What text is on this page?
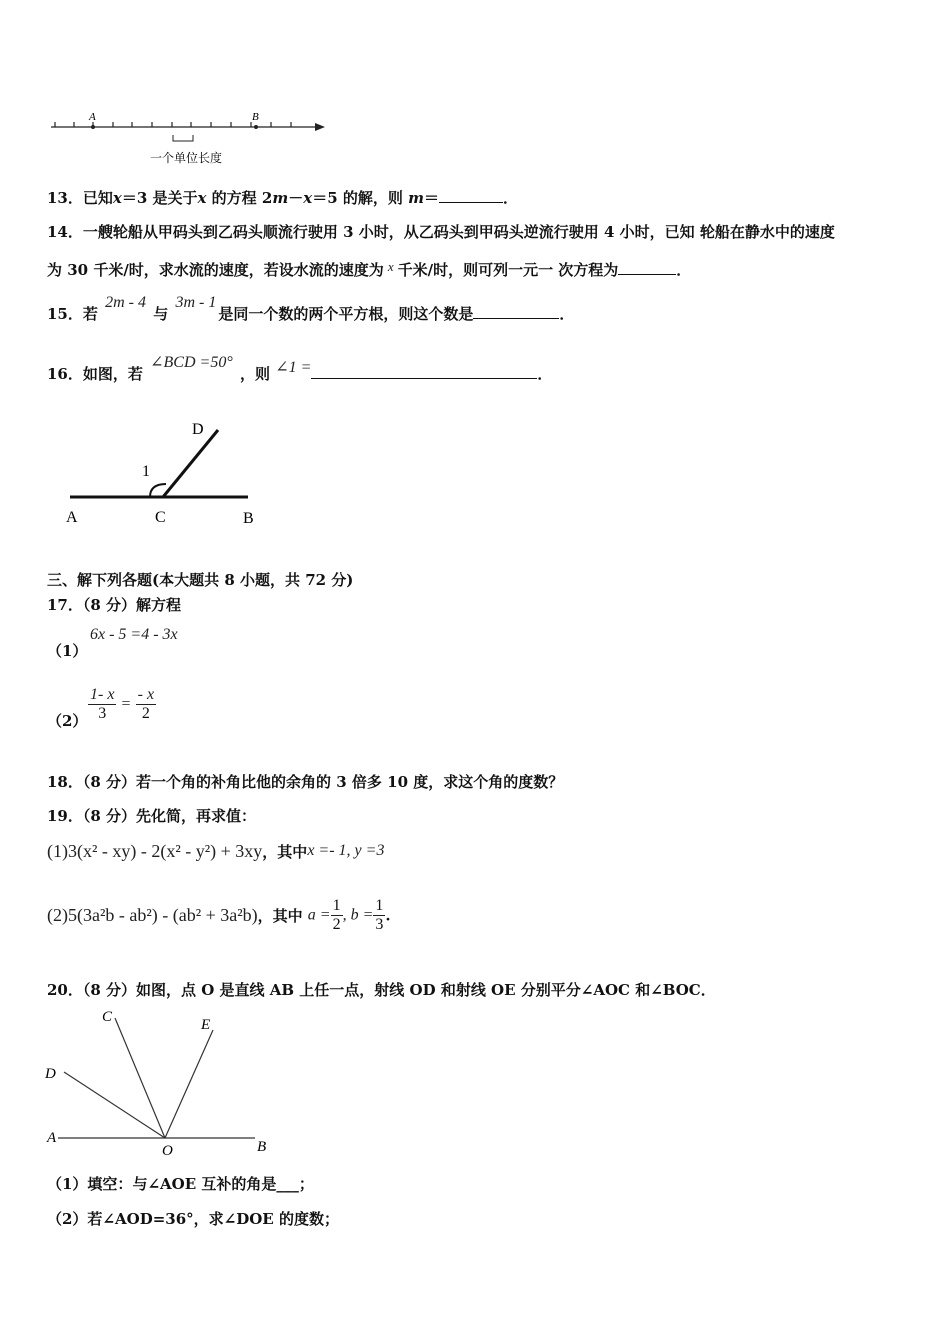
A	B
一个单位长度
13．已知x＝3 是关于x 的方程 2m－x＝5 的解，则 m＝	．
14．一艘轮船从甲码头到乙码头顺流行驶用 3 小时，从乙码头到甲码头逆流行驶用 4 小时，已知 轮船在静水中的速度
为 30 千米/时，求水流的速度，若设水流的速度为 x 千米/时，则可列一元一 次方程为	．
15．若 2m - 4 与 3m - 1是同一个数的两个平方根，则这个数是	．
16．如图，若 ∠BCD =50° ，则 ∠1 =	．
D
1
A	C	B
三、解下列各题(本大题共 8 小题，共 72 分)
17．（8 分）解方程
（1）
6x - 5 =4 - 3x
$(2) \frac{1- x}{3} = \frac{- x}{2}$
18．（8 分）若一个角的补角比他的余角的 3 倍多 10 度，求这个角的度数？
19．（8 分）先化简，再求值：
(1)3(x² - xy) - 2(x² - y²) + 3xy，其中x =- 1, y =3
(2)5(3a²b - ab²) - (ab² + 3a²b)，其中 $a = \frac{1}{2}$ , $b = \frac{1}{3}$ .
20．（8 分）如图，点 O 是直线 AB 上任一点，射线 OD 和射线 OE 分别平分∠AOC 和∠BOC．
C	E
D
A
O	B
（1）填空：与∠AOE 互补的角是___；
（2）若∠AOD=36°，求∠DOE 的度数；
